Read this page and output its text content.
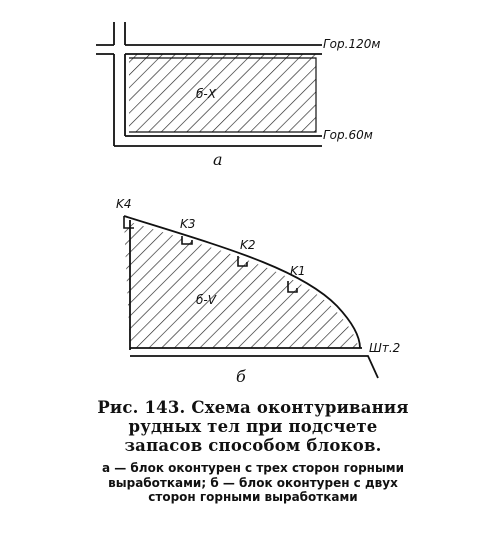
Гор.120м
Гор.60м
б-X
а
K4
K3
K2
K1
б-V
Шт.2
б
Рис. 143. Схема оконтуривания рудных тел при подсчете запасов способом блоков.
а — блок оконтурен с трех сторон горными выработками; б — блок оконтурен с двух сторон горными выработками
